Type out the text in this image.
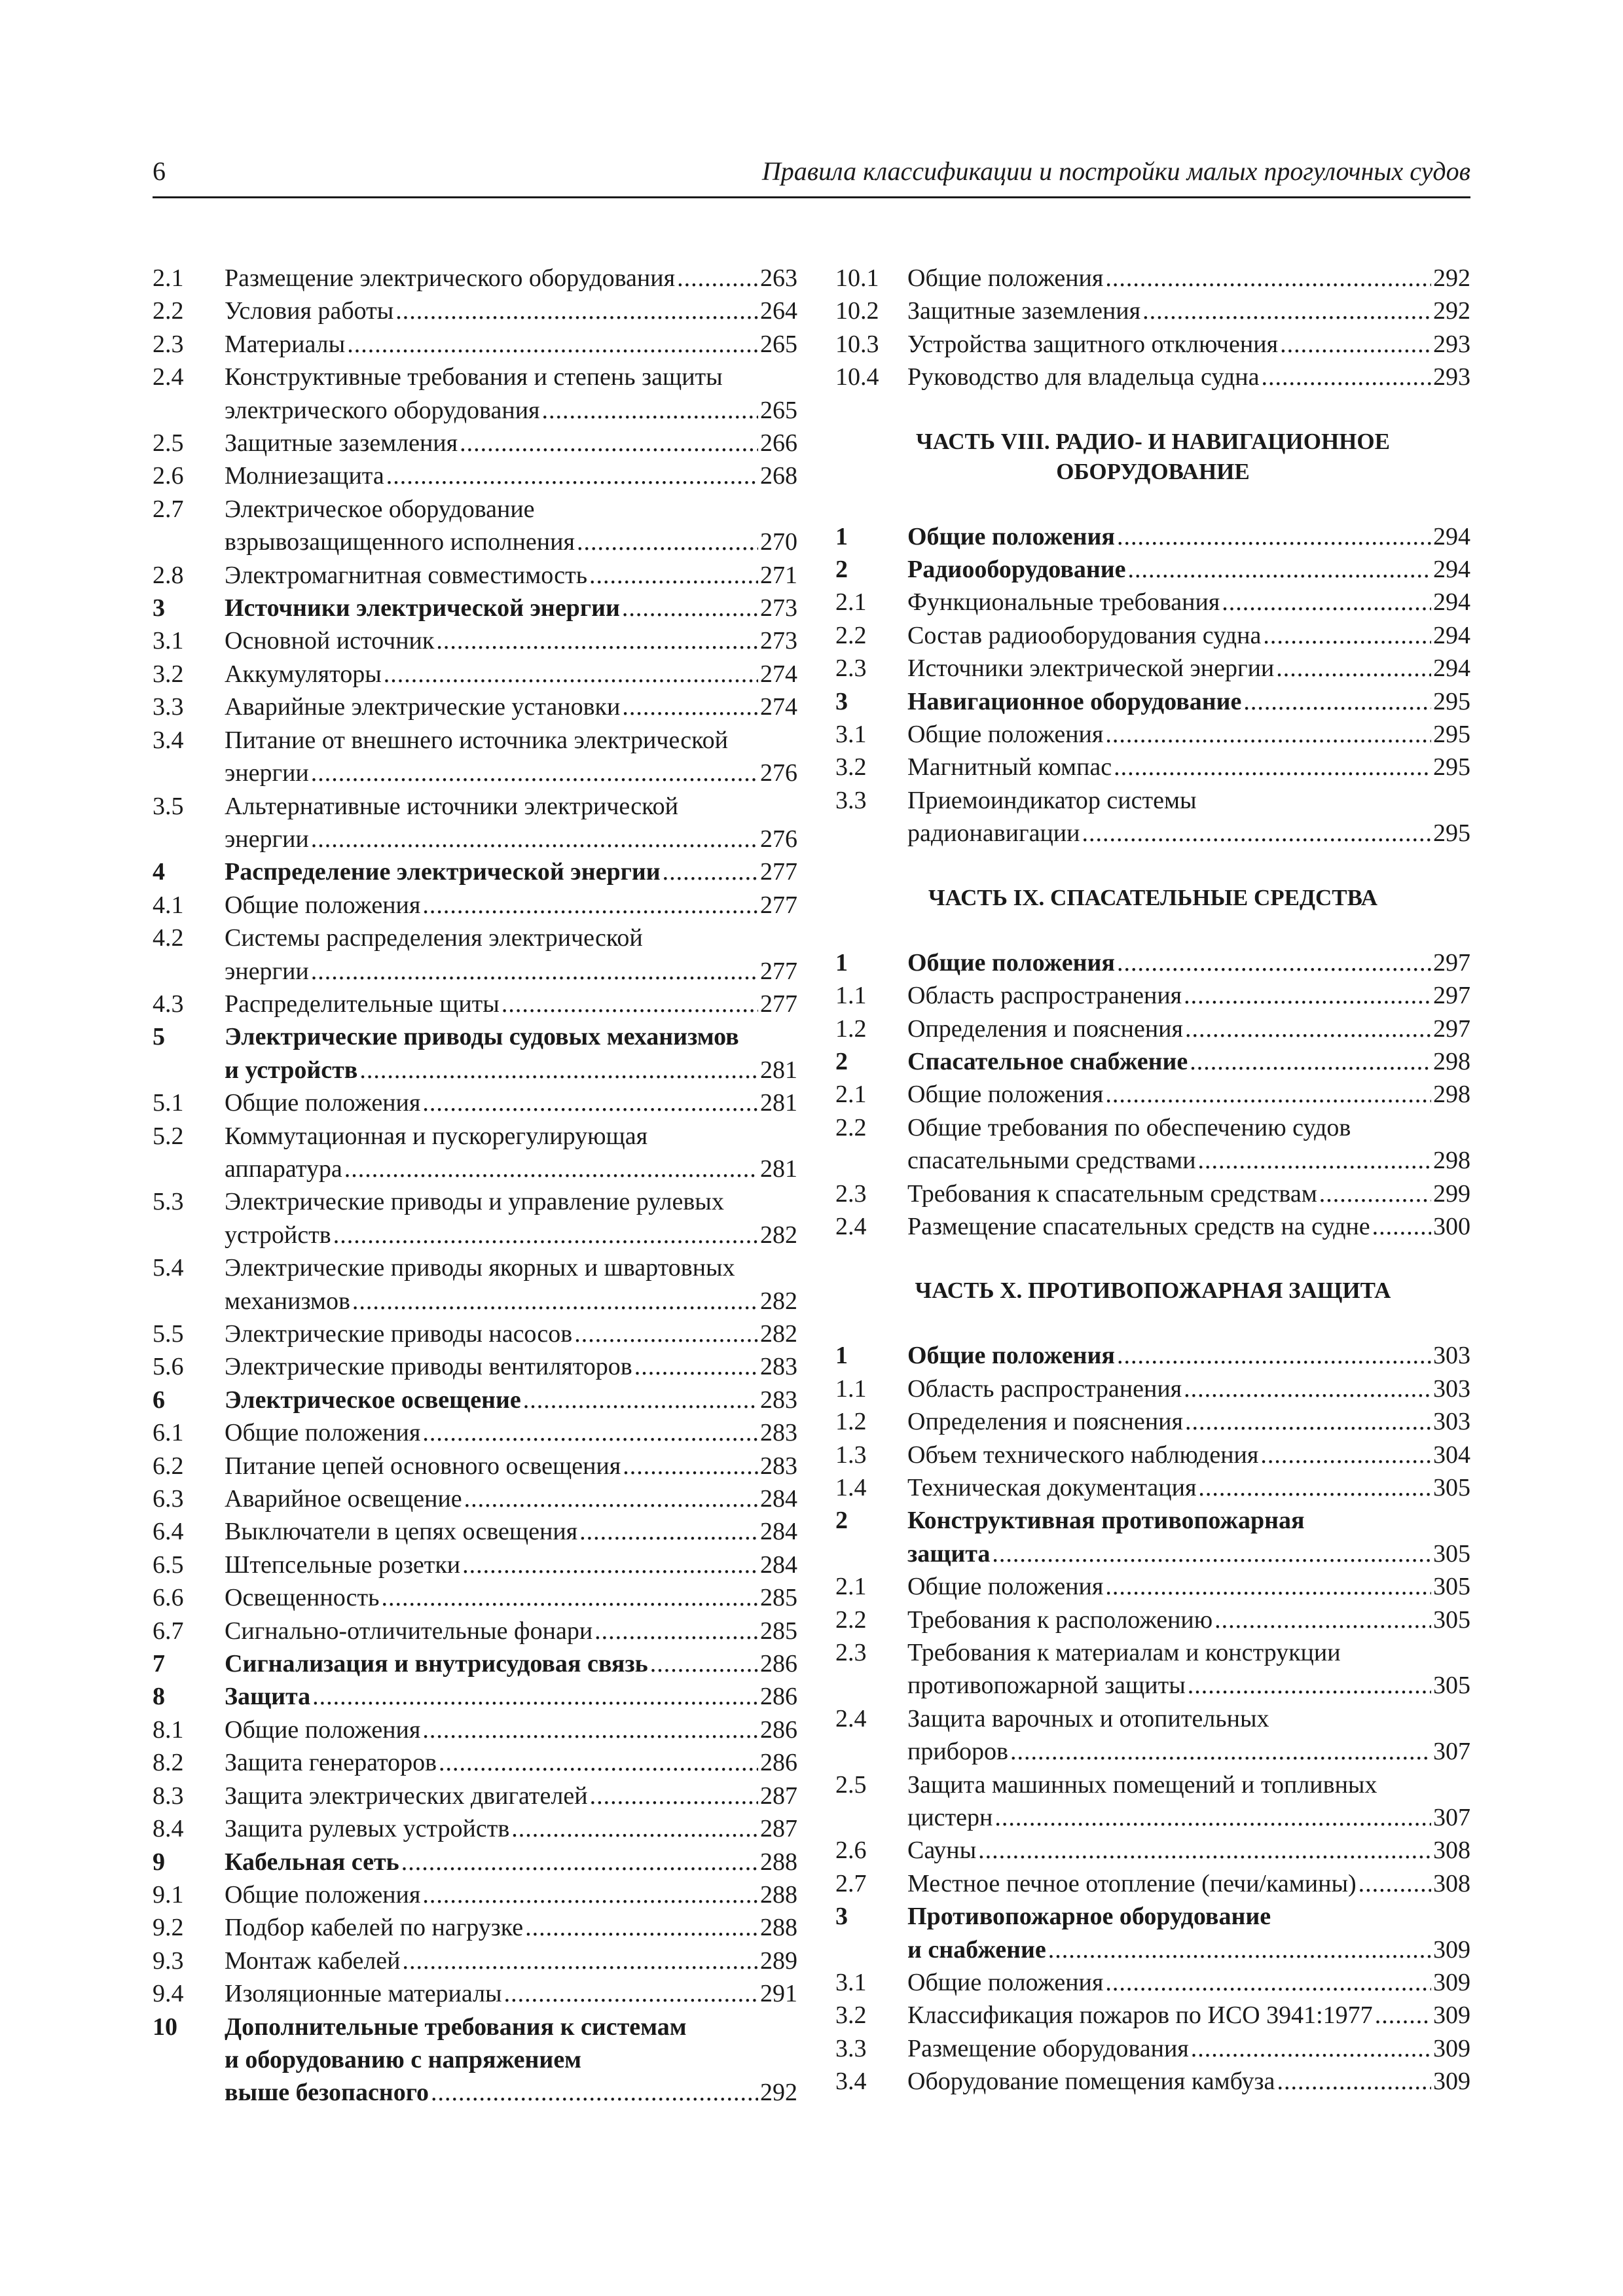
6	Правила классификации и постройки малых прогулочных судов
2.1	Размещение электрического оборудования .....	263
2.2	Условия работы .....	264
2.3	Материалы .....	265
2.4	Конструктивные требования и степень защиты
электрического оборудования .....	265
2.5	Защитные заземления .....	266
2.6	Молниезащита .....	268
2.7	Электрическое оборудование
взрывозащищенного исполнения .....	270
2.8	Электромагнитная совместимость .....	271
3	Источники электрической энергии .....	273
3.1	Основной источник .....	273
3.2	Аккумуляторы .....	274
3.3	Аварийные электрические установки .....	274
3.4	Питание от внешнего источника электрической
энергии .....	276
3.5	Альтернативные источники электрической
энергии .....	276
4	Распределение электрической энергии .....	277
4.1	Общие положения .....	277
4.2	Системы распределения электрической
энергии .....	277
4.3	Распределительные щиты .....	277
5	Электрические приводы судовых механизмов
и устройств .....	281
5.1	Общие положения .....	281
5.2	Коммутационная и пускорегулирующая
аппаратура .....	281
5.3	Электрические приводы и управление рулевых
устройств .....	282
5.4	Электрические приводы якорных и швартовных
механизмов .....	282
5.5	Электрические приводы насосов .....	282
5.6	Электрические приводы вентиляторов .....	283
6	Электрическое освещение .....	283
6.1	Общие положения .....	283
6.2	Питание цепей основного освещения .....	283
6.3	Аварийное освещение .....	284
6.4	Выключатели в цепях освещения .....	284
6.5	Штепсельные розетки .....	284
6.6	Освещенность .....	285
6.7	Сигнально-отличительные фонари .....	285
7	Сигнализация и внутрисудовая связь .....	286
8	Защита .....	286
8.1	Общие положения .....	286
8.2	Защита генераторов .....	286
8.3	Защита электрических двигателей .....	287
8.4	Защита рулевых устройств .....	287
9	Кабельная сеть .....	288
9.1	Общие положения .....	288
9.2	Подбор кабелей по нагрузке .....	288
9.3	Монтаж кабелей .....	289
9.4	Изоляционные материалы .....	291
10	Дополнительные требования к системам
и оборудованию с напряжением
выше безопасного .....	292
10.1	Общие положения .....	292
10.2	Защитные заземления .....	292
10.3	Устройства защитного отключения .....	293
10.4	Руководство для владельца судна .....	293
ЧАСТЬ VIII. РАДИО- И НАВИГАЦИОННОЕ
ОБОРУДОВАНИЕ
1	Общие положения .....	294
2	Радиооборудование .....	294
2.1	Функциональные требования .....	294
2.2	Состав радиооборудования судна .....	294
2.3	Источники электрической энергии .....	294
3	Навигационное оборудование .....	295
3.1	Общие положения .....	295
3.2	Магнитный компас .....	295
3.3	Приемоиндикатор системы
радионавигации .....	295
ЧАСТЬ IX. СПАСАТЕЛЬНЫЕ СРЕДСТВА
1	Общие положения .....	297
1.1	Область распространения .....	297
1.2	Определения и пояснения .....	297
2	Спасательное снабжение .....	298
2.1	Общие положения .....	298
2.2	Общие требования по обеспечению судов
спасательными средствами .....	298
2.3	Требования к спасательным средствам .....	299
2.4	Размещение спасательных средств на судне .....	300
ЧАСТЬ X. ПРОТИВОПОЖАРНАЯ ЗАЩИТА
1	Общие положения .....	303
1.1	Область распространения .....	303
1.2	Определения и пояснения .....	303
1.3	Объем технического наблюдения .....	304
1.4	Техническая документация .....	305
2	Конструктивная противопожарная
защита .....	305
2.1	Общие положения .....	305
2.2	Требования к расположению .....	305
2.3	Требования к материалам и конструкции
противопожарной защиты .....	305
2.4	Защита варочных и отопительных
приборов .....	307
2.5	Защита машинных помещений и топливных
цистерн .....	307
2.6	Сауны .....	308
2.7	Местное печное отопление (печи/камины) .....	308
3	Противопожарное оборудование
и снабжение .....	309
3.1	Общие положения .....	309
3.2	Классификация пожаров по ИСО 3941:1977 ..... 309
3.3	Размещение оборудования .....	309
3.4	Оборудование помещения камбуза .....	309
